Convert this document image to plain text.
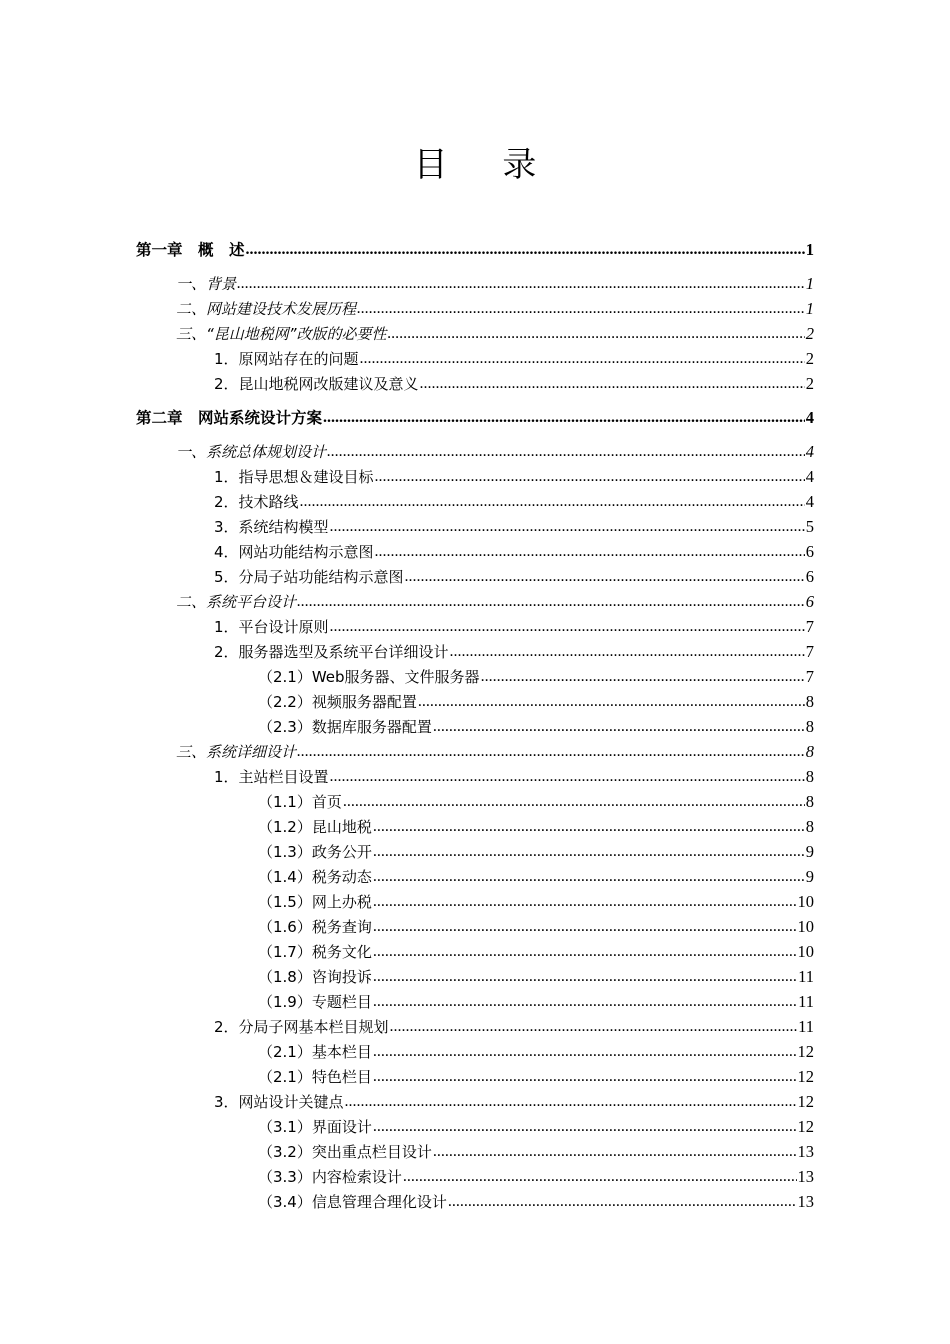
目 录
第一章　概　述 .....	1
一、背景 .....	1
二、网站建设技术发展历程 .....	1
三、“昆山地税网”改版的必要性 .....	2
1．原网站存在的问题 .....	2
2．昆山地税网改版建议及意义 .....	2
第二章　网站系统设计方案 .....	4
一、系统总体规划设计 .....	4
1．指导思想＆建设目标 .....	4
2．技术路线 .....	4
3．系统结构模型 .....	5
4．网站功能结构示意图 .....	6
5．分局子站功能结构示意图 .....	6
二、系统平台设计 .....	6
1．平台设计原则 .....	7
2．服务器选型及系统平台详细设计 .....	7
（2.1）Web服务器、文件服务器 .....	7
（2.2）视频服务器配置 .....	8
（2.3）数据库服务器配置 .....	8
三、系统详细设计 .....	8
1．主站栏目设置 .....	8
（1.1）首页 .....	8
（1.2）昆山地税 .....	8
（1.3）政务公开 .....	9
（1.4）税务动态 .....	9
（1.5）网上办税 .....	10
（1.6）税务查询 .....	10
（1.7）税务文化 .....	10
（1.8）咨询投诉 .....	11
（1.9）专题栏目 .....	11
2．分局子网基本栏目规划 .....	11
（2.1）基本栏目 .....	12
（2.1）特色栏目 .....	12
3．网站设计关键点 .....	12
（3.1）界面设计 .....	12
（3.2）突出重点栏目设计 .....	13
（3.3）内容检索设计 .....	13
（3.4）信息管理合理化设计 .....	13
